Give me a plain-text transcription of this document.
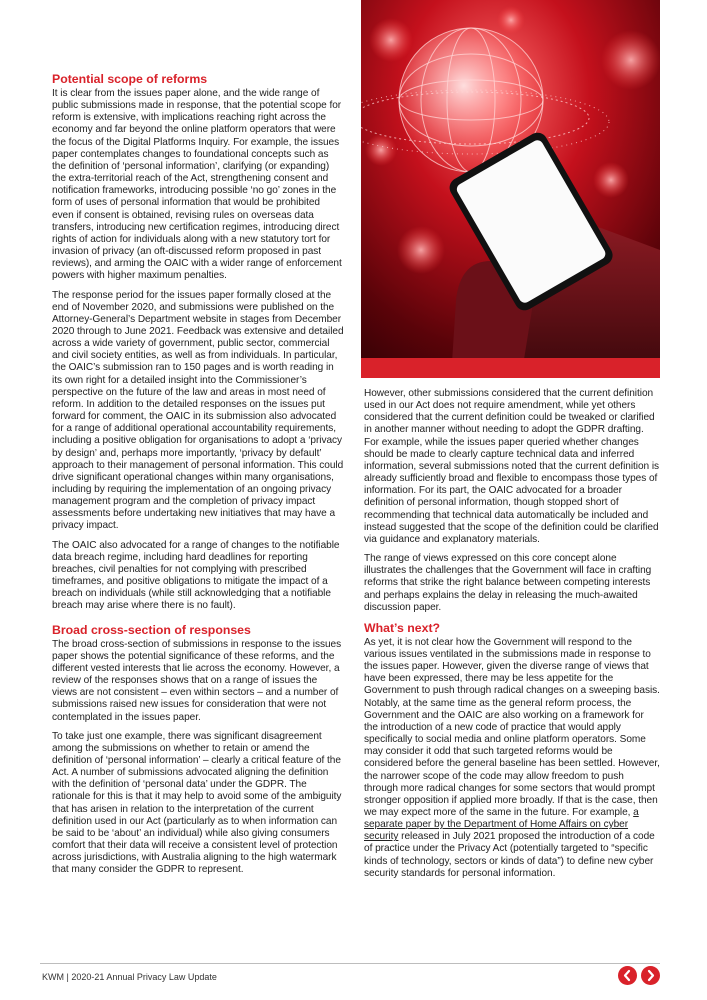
Potential scope of reforms

It is clear from the issues paper alone, and the wide range of public submissions made in response, that the potential scope for reform is extensive, with implications reaching right across the economy and far beyond the online platform operators that were the focus of the Digital Platforms Inquiry. For example, the issues paper contemplates changes to foundational concepts such as the definition of ‘personal information’, clarifying (or expanding) the extra-territorial reach of the Act, strengthening consent and notification frameworks, introducing possible ‘no go’ zones in the form of uses of personal information that would be prohibited even if consent is obtained, revising rules on overseas data transfers, introducing new certification regimes, introducing direct rights of action for individuals along with a new statutory tort for invasion of privacy (an oft-discussed reform proposed in past reviews), and arming the OAIC with a wider range of enforcement powers with higher maximum penalties.

The response period for the issues paper formally closed at the end of November 2020, and submissions were published on the Attorney-General’s Department website in stages from December 2020 through to June 2021. Feedback was extensive and detailed across a wide variety of government, public sector, commercial and civil society entities, as well as from individuals. In particular, the OAIC’s submission ran to 150 pages and is worth reading in its own right for a detailed insight into the Commissioner’s perspective on the future of the law and areas in most need of reform. In addition to the detailed responses on the issues put forward for comment, the OAIC in its submission also advocated for a range of additional operational accountability requirements, including a positive obligation for organisations to adopt a ‘privacy by design’ and, perhaps more importantly, ‘privacy by default’ approach to their management of personal information. This could drive significant operational changes within many organisations, including by requiring the implementation of an ongoing privacy management program and the completion of privacy impact assessments before undertaking new initiatives that may have a privacy impact.

The OAIC also advocated for a range of changes to the notifiable data breach regime, including hard deadlines for reporting breaches, civil penalties for not complying with prescribed timeframes, and positive obligations to mitigate the impact of a breach on individuals (while still acknowledging that a notifiable breach may arise where there is no fault).

Broad cross-section of responses

The broad cross-section of submissions in response to the issues paper shows the potential significance of these reforms, and the different vested interests that lie across the economy. However, a review of the responses shows that on a range of issues the views are not consistent – even within sectors – and a number of submissions raised new issues for consideration that were not contemplated in the issues paper.

To take just one example, there was significant disagreement among the submissions on whether to retain or amend the definition of ‘personal information’ – clearly a critical feature of the Act. A number of submissions advocated aligning the definition with the definition of ‘personal data’ under the GDPR. The rationale for this is that it may help to avoid some of the ambiguity that has arisen in relation to the interpretation of the current definition used in our Act (particularly as to when information can be said to be ‘about’ an individual) while also giving consumers comfort that their data will receive a consistent level of protection across jurisdictions, with Australia aligning to the high watermark that many consider the GDPR to represent.

However, other submissions considered that the current definition used in our Act does not require amendment, while yet others considered that the current definition could be tweaked or clarified in another manner without needing to adopt the GDPR drafting. For example, while the issues paper queried whether changes should be made to clearly capture technical data and inferred information, several submissions noted that the current definition is already sufficiently broad and flexible to encompass those types of information. For its part, the OAIC advocated for a broader definition of personal information, though stopped short of recommending that technical data automatically be included and instead suggested that the scope of the definition could be clarified via guidance and explanatory materials.

The range of views expressed on this core concept alone illustrates the challenges that the Government will face in crafting reforms that strike the right balance between competing interests and perhaps explains the delay in releasing the much-awaited discussion paper.

What’s next?

As yet, it is not clear how the Government will respond to the various issues ventilated in the submissions made in response to the issues paper. However, given the diverse range of views that have been expressed, there may be less appetite for the Government to push through radical changes on a sweeping basis. Notably, at the same time as the general reform process, the Government and the OAIC are also working on a framework for the introduction of a new code of practice that would apply specifically to social media and online platform operators. Some may consider it odd that such targeted reforms would be considered before the general baseline has been settled. However, the narrower scope of the code may allow freedom to push through more radical changes for some sectors that would prompt stronger opposition if applied more broadly. If that is the case, then we may expect more of the same in the future. For example, a separate paper by the Department of Home Affairs on cyber security released in July 2021 proposed the introduction of a code of practice under the Privacy Act (potentially targeted to “specific kinds of technology, sectors or kinds of data”) to define new cyber security standards for personal information.

KWM | 2020-21 Annual Privacy Law Update
